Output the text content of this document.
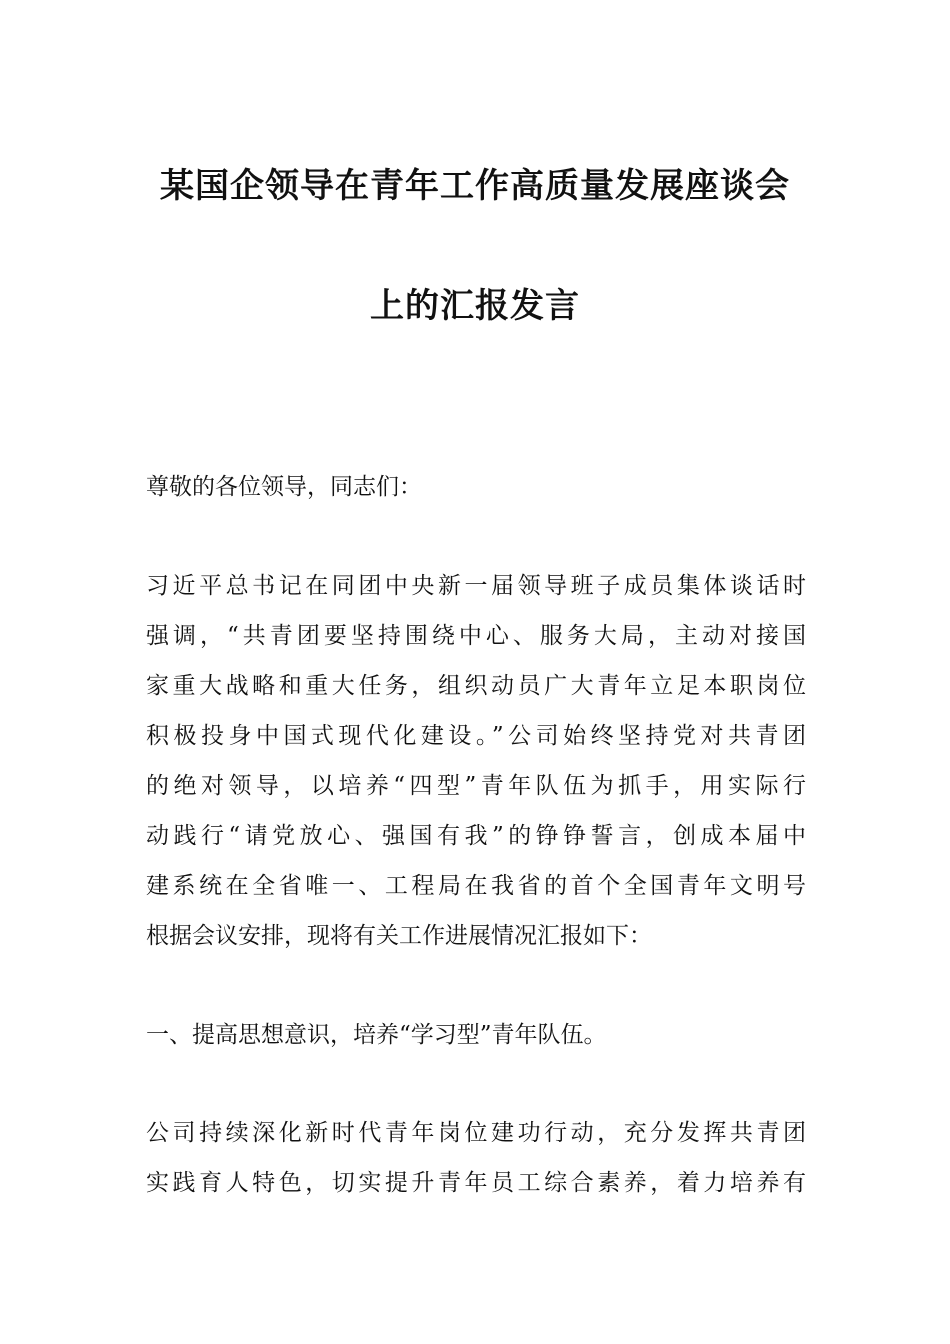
某国企领导在青年工作高质量发展座谈会
上的汇报发言
尊敬的各位领导，同志们：
习近平总书记在同团中央新一届领导班子成员集体谈话时
强调，“共青团要坚持围绕中心、服务大局，主动对接国
家重大战略和重大任务，组织动员广大青年立足本职岗位
积极投身中国式现代化建设。”公司始终坚持党对共青团
的绝对领导，以培养“四型”青年队伍为抓手，用实际行
动践行“请党放心、强国有我”的铮铮誓言，创成本届中
建系统在全省唯一、工程局在我省的首个全国青年文明号
根据会议安排，现将有关工作进展情况汇报如下：
一、提高思想意识，培养“学习型”青年队伍。
公司持续深化新时代青年岗位建功行动，充分发挥共青团
实践育人特色，切实提升青年员工综合素养，着力培养有
